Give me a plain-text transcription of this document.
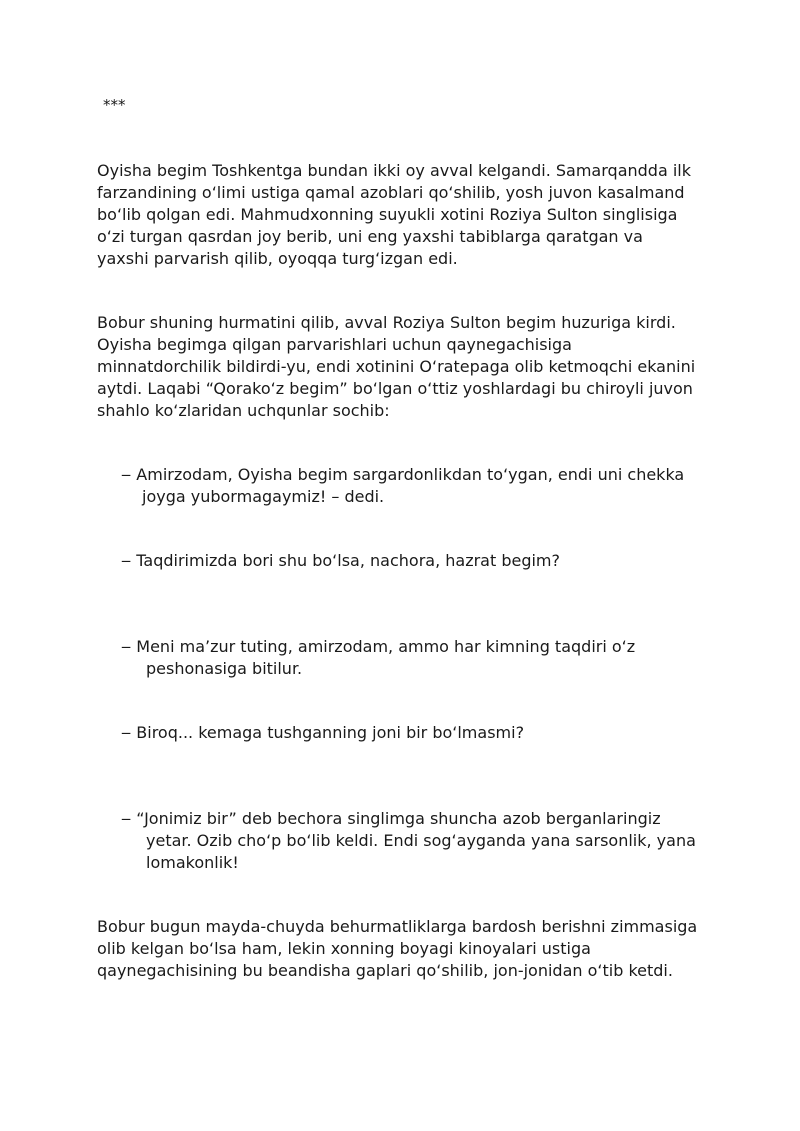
***
Oyisha begim Toshkentga bundan ikki oy avval kelgandi. Samarqandda ilk
farzandining o‘limi ustiga qamal azoblari qo‘shilib, yosh juvon kasalmand
bo‘lib qolgan edi. Mahmudxonning suyukli xotini Roziya Sulton singlisiga
o‘zi turgan qasrdan joy berib, uni eng yaxshi tabiblarga qaratgan va
yaxshi parvarish qilib, oyoqqa turg‘izgan edi.
Bobur shuning hurmatini qilib, avval Roziya Sulton begim huzuriga kirdi.
Oyisha begimga qilgan parvarishlari uchun qaynegachisiga
minnatdorchilik bildirdi-yu, endi xotinini O‘ratepaga olib ketmoqchi ekanini
aytdi. Laqabi “Qorako‘z begim” bo‘lgan o‘ttiz yoshlardagi bu chiroyli juvon
shahlo ko‘zlaridan uchqunlar sochib:
‒ Amirzodam, Oyisha begim sargardonlikdan to‘ygan, endi uni chekka
joyga yubormagaymiz! – dedi.
‒ Taqdirimizda bori shu bo‘lsa, nachora, hazrat begim?
‒ Meni ma’zur tuting, amirzodam, ammo har kimning taqdiri o‘z
peshonasiga bitilur.
‒ Biroq... kemaga tushganning joni bir bo‘lmasmi?
‒ “Jonimiz bir” deb bechora singlimga shuncha azob berganlaringiz
yetar. Ozib cho‘p bo‘lib keldi. Endi sog‘ayganda yana sarsonlik, yana
lomakonlik!
Bobur bugun mayda-chuyda behurmatliklarga bardosh berishni zimmasiga
olib kelgan bo‘lsa ham, lekin xonning boyagi kinoyalari ustiga
qaynegachisining bu beandisha gaplari qo‘shilib, jon-jonidan o‘tib ketdi.
